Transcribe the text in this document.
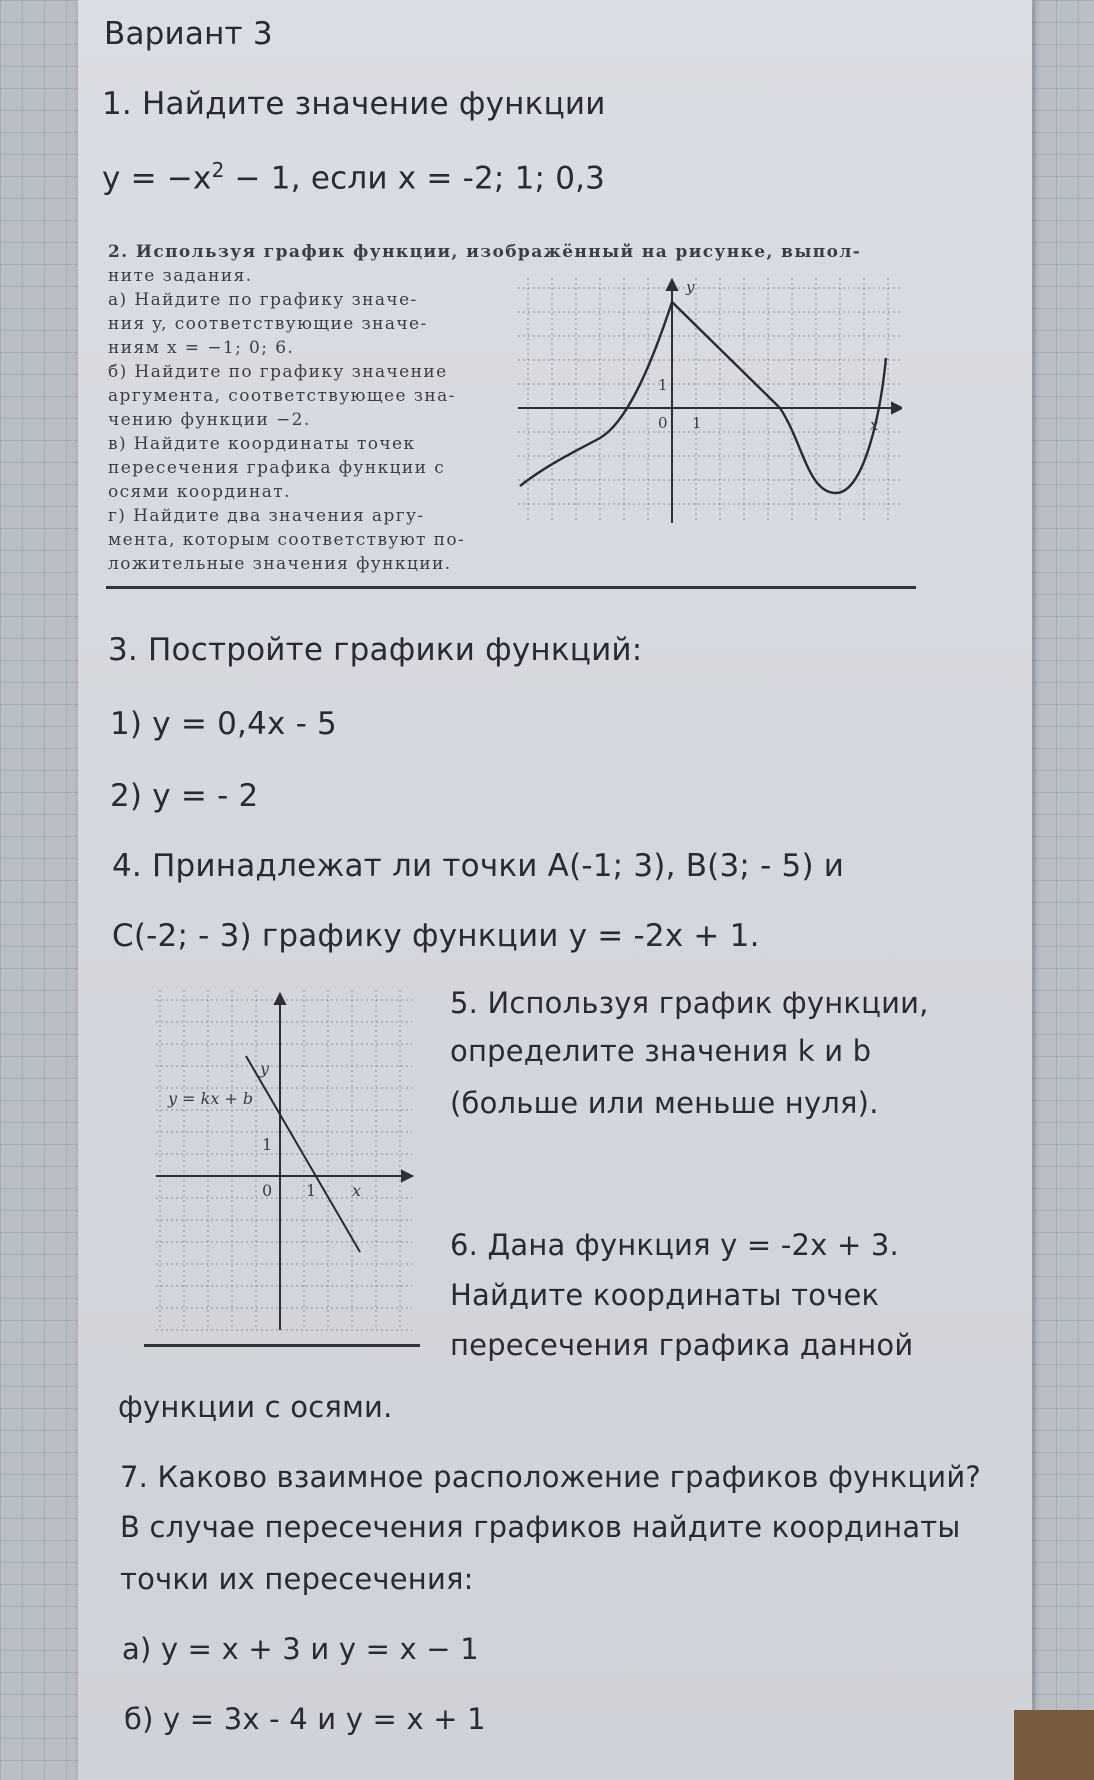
Вариант 3
1. Найдите значение функции
$y = -x^2 - 1$, если x = -2; 1; 0,3
2. Используя график функции, изображённый на рисунке, выпол-
ните задания.
а) Найдите по графику значе-
ния y, соответствующие значе-
ниям x = −1; 0; 6.
б) Найдите по графику значение
аргумента, соответствующее зна-
чению функции −2.
в) Найдите координаты точек
пересечения графика функции с
осями координат.
г) Найдите два значения аргу-
мента, которым соответствуют по-
ложительные значения функции.
y
x
0 1
1
3. Постройте графики функций:
1) y = 0,4x - 5
2) y = - 2
4. Принадлежат ли точки А(-1; 3), В(3; - 5) и
С(-2; - 3) графику функции y = -2x + 1.
y
y = kx + b
1
0 1 x
5. Используя график функции,
определите значения k и b
(больше или меньше нуля).
6. Дана функция y = -2x + 3.
Найдите координаты точек
пересечения графика данной
функции с осями.
7. Каково взаимное расположение графиков функций?
В случае пересечения графиков найдите координаты
точки их пересечения:
а) y = x + 3 и y = x − 1
б) y = 3x - 4 и y = x + 1
